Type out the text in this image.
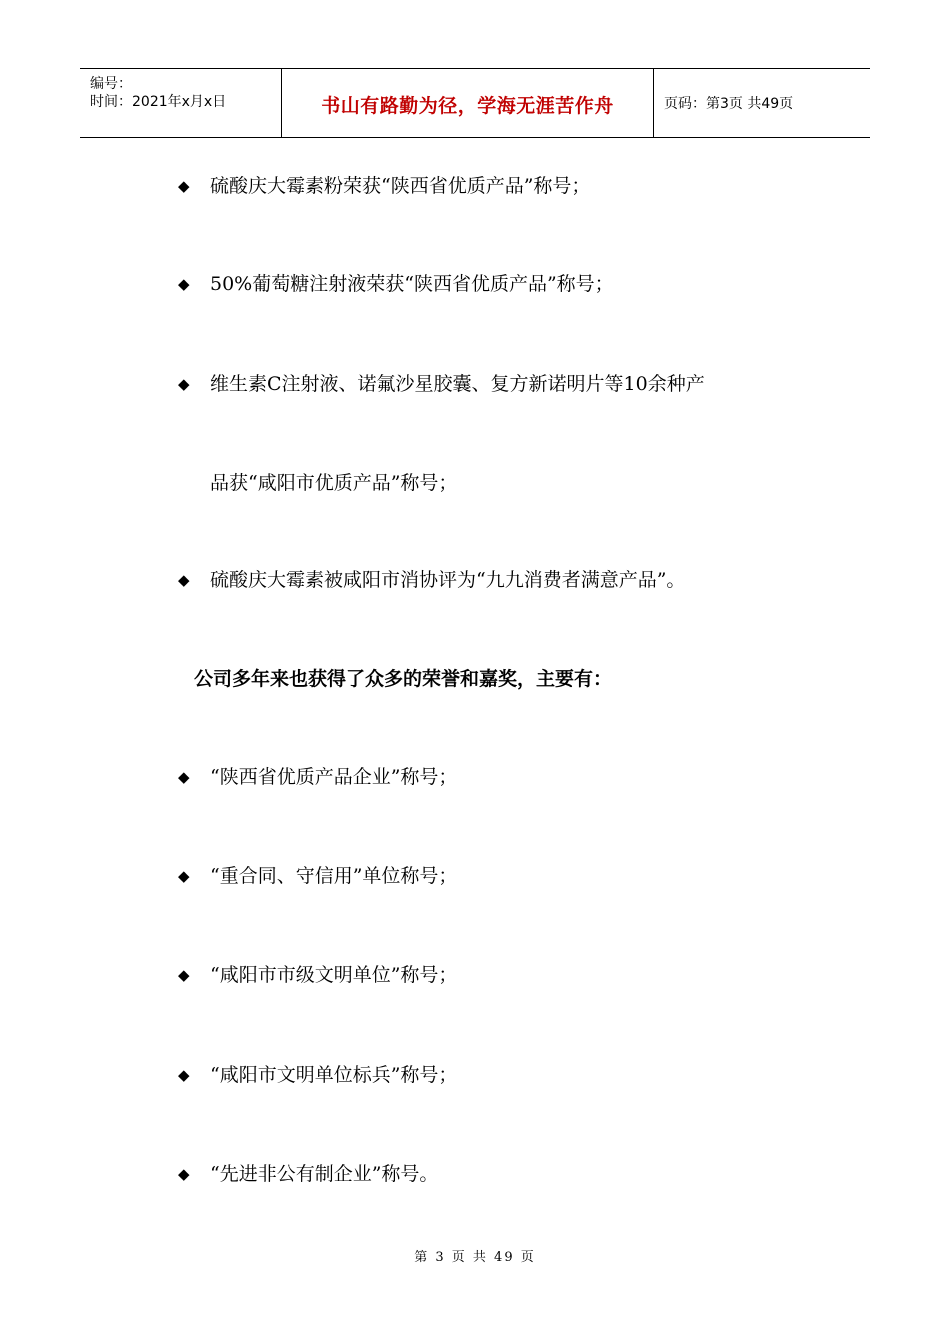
编号：
时间：2021年x月x日	书山有路勤为径，学海无涯苦作舟	页码：第3页 共49页
◆ 硫酸庆大霉素粉荣获“陕西省优质产品”称号；
◆ 50%葡萄糖注射液荣获“陕西省优质产品”称号；
◆ 维生素C注射液、诺氟沙星胶囊、复方新诺明片等10余种产
品获“咸阳市优质产品”称号；
◆ 硫酸庆大霉素被咸阳市消协评为“九九消费者满意产品”。
公司多年来也获得了众多的荣誉和嘉奖，主要有：
◆ “陕西省优质产品企业”称号；
◆ “重合同、守信用”单位称号；
◆ “咸阳市市级文明单位”称号；
◆ “咸阳市文明单位标兵”称号；
◆ “先进非公有制企业”称号。
第 3 页 共 49 页
